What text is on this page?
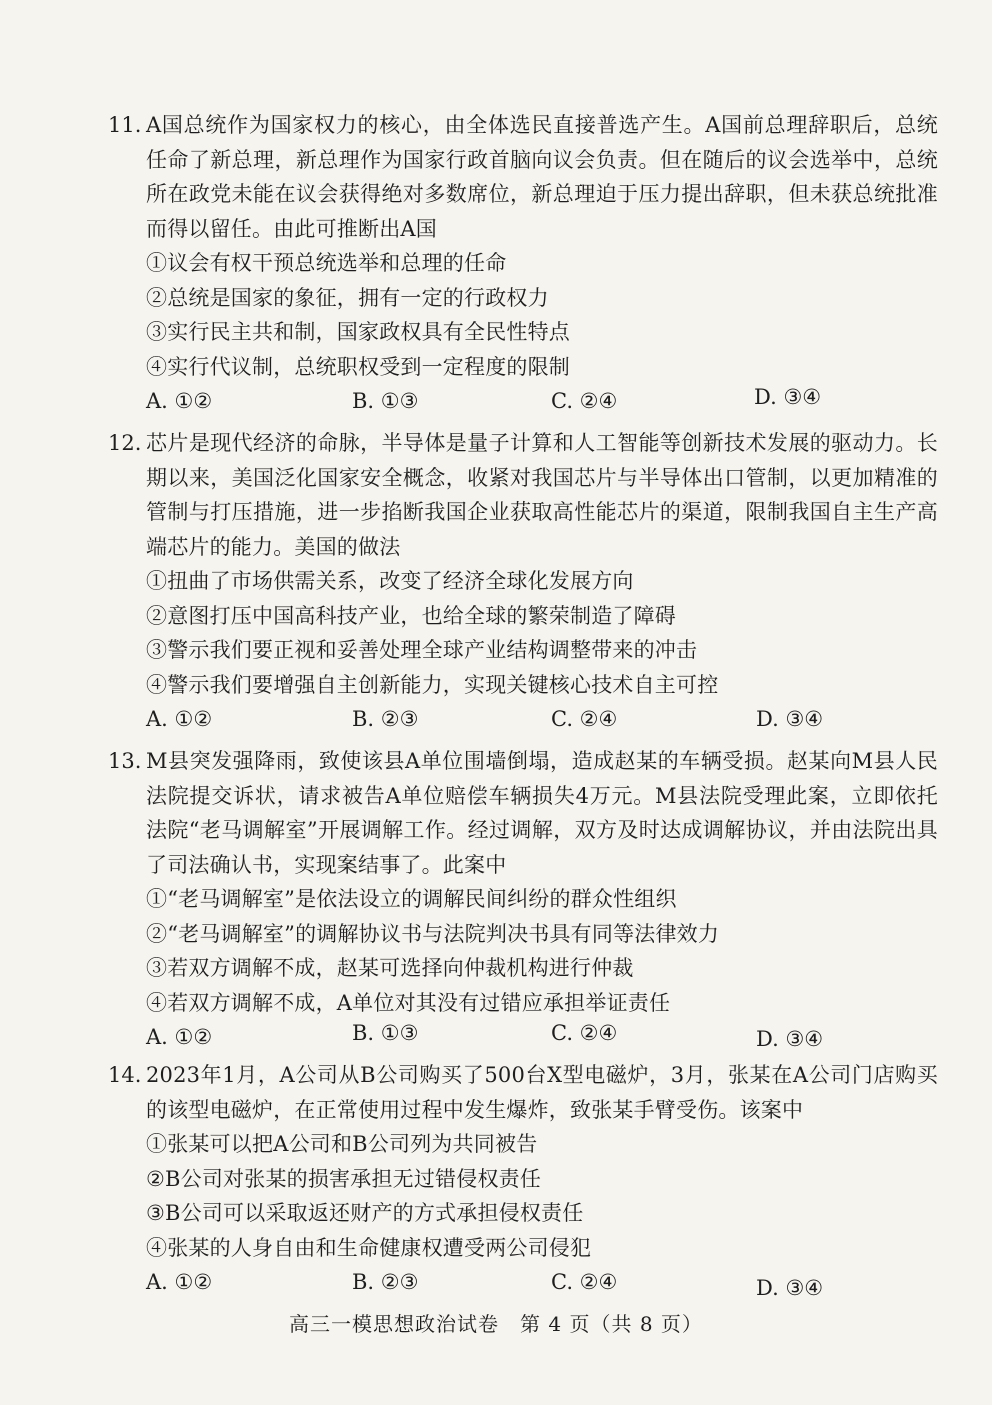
11. A国总统作为国家权力的核心，由全体选民直接普选产生。A国前总理辞职后，总统任命了新总理，新总理作为国家行政首脑向议会负责。但在随后的议会选举中，总统所在政党未能在议会获得绝对多数席位，新总理迫于压力提出辞职，但未获总统批准而得以留任。由此可推断出A国
①议会有权干预总统选举和总理的任命
②总统是国家的象征，拥有一定的行政权力
③实行民主共和制，国家政权具有全民性特点
④实行代议制，总统职权受到一定程度的限制
A. ①②	B. ①③	C. ②④	D. ③④
12. 芯片是现代经济的命脉，半导体是量子计算和人工智能等创新技术发展的驱动力。长期以来，美国泛化国家安全概念，收紧对我国芯片与半导体出口管制，以更加精准的管制与打压措施，进一步掐断我国企业获取高性能芯片的渠道，限制我国自主生产高端芯片的能力。美国的做法
①扭曲了市场供需关系，改变了经济全球化发展方向
②意图打压中国高科技产业，也给全球的繁荣制造了障碍
③警示我们要正视和妥善处理全球产业结构调整带来的冲击
④警示我们要增强自主创新能力，实现关键核心技术自主可控
A. ①②	B. ②③	C. ②④	D. ③④
13. M县突发强降雨，致使该县A单位围墙倒塌，造成赵某的车辆受损。赵某向M县人民法院提交诉状，请求被告A单位赔偿车辆损失4万元。M县法院受理此案，立即依托法院“老马调解室”开展调解工作。经过调解，双方及时达成调解协议，并由法院出具了司法确认书，实现案结事了。此案中
①“老马调解室”是依法设立的调解民间纠纷的群众性组织
②“老马调解室”的调解协议书与法院判决书具有同等法律效力
③若双方调解不成，赵某可选择向仲裁机构进行仲裁
④若双方调解不成，A单位对其没有过错应承担举证责任
A. ①②	B. ①③	C. ②④	D. ③④
14. 2023年1月，A公司从B公司购买了500台X型电磁炉，3月，张某在A公司门店购买的该型电磁炉，在正常使用过程中发生爆炸，致张某手臂受伤。该案中
①张某可以把A公司和B公司列为共同被告
②B公司对张某的损害承担无过错侵权责任
③B公司可以采取返还财产的方式承担侵权责任
④张某的人身自由和生命健康权遭受两公司侵犯
A. ①②	B. ②③	C. ②④	D. ③④
高三一模思想政治试卷　第 4 页（共 8 页）
